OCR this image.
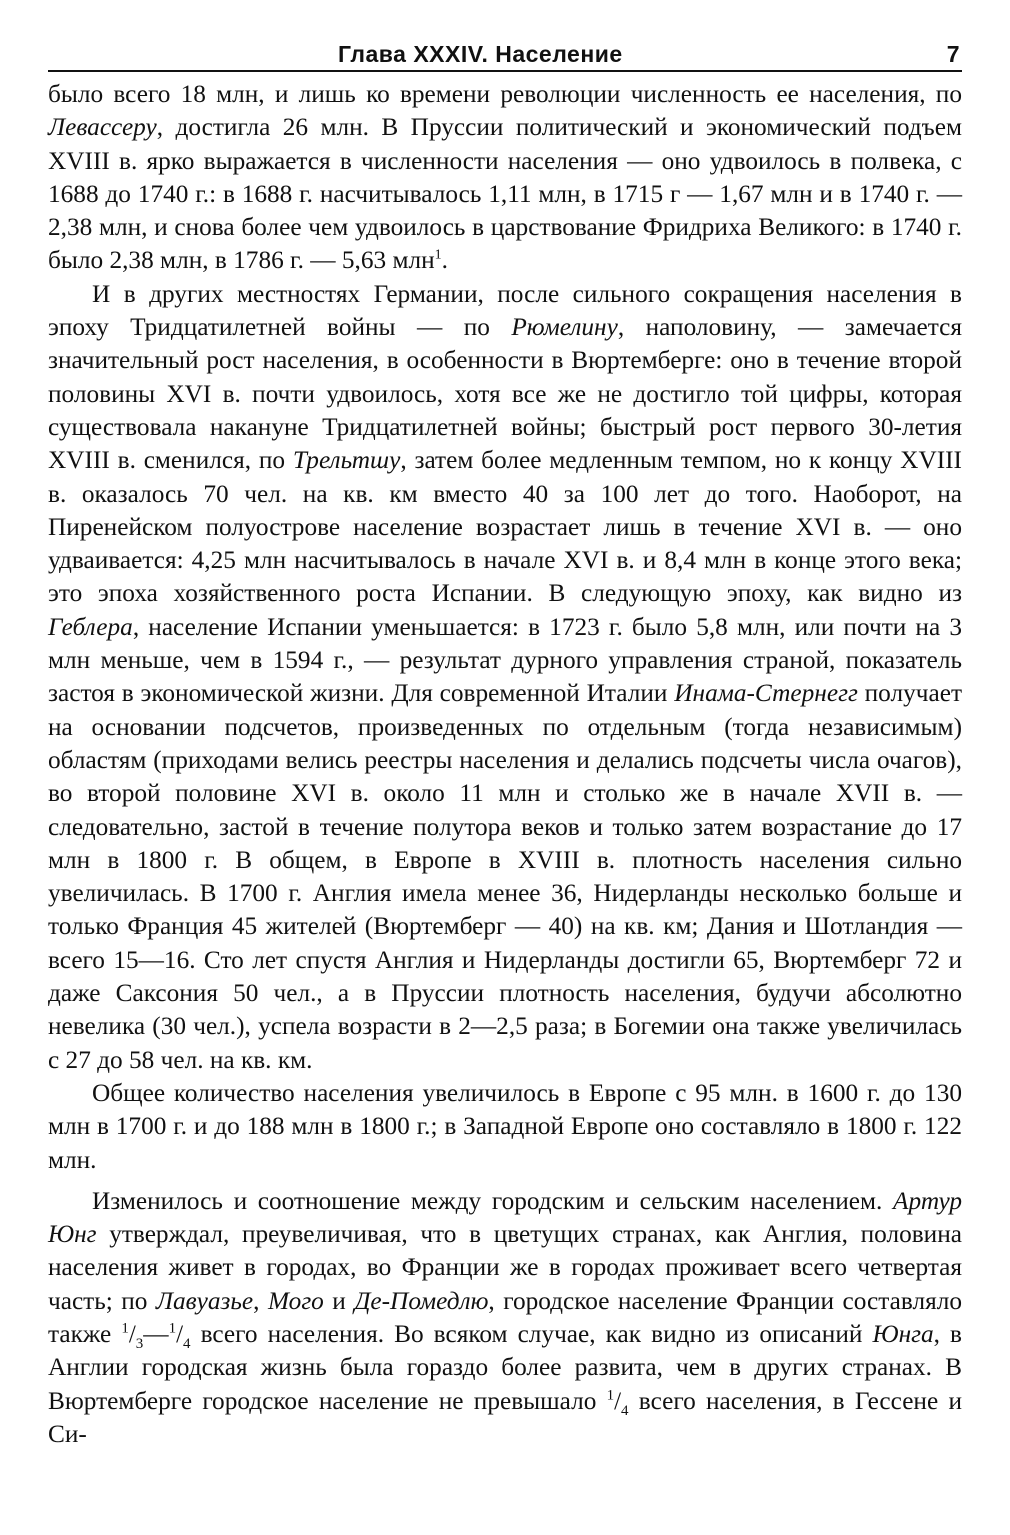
Глава XXXIV. Население	7

было всего 18 млн, и лишь ко времени революции численность ее населения, по Левассеру, достигла 26 млн. В Пруссии политический и экономический подъем XVIII в. ярко выражается в численности населения — оно удвоилось в полвека, с 1688 до 1740 г.: в 1688 г. насчитывалось 1,11 млн, в 1715 г — 1,67 млн и в 1740 г. — 2,38 млн, и снова более чем удвоилось в царствование Фридриха Великого: в 1740 г. было 2,38 млн, в 1786 г. — 5,63 млн$^1$.

И в других местностях Германии, после сильного сокращения населения в эпоху Тридцатилетней войны — по Рюмелину, наполовину, — замечается значительный рост населения, в особенности в Вюртемберге: оно в течение второй половины XVI в. почти удвоилось, хотя все же не достигло той цифры, которая существовала накануне Тридцатилетней войны; быстрый рост первого 30-летия XVIII в. сменился, по Трельтшу, затем более медленным темпом, но к концу XVIII в. оказалось 70 чел. на кв. км вместо 40 за 100 лет до того. Наоборот, на Пиренейском полуострове население возрастает лишь в течение XVI в. — оно удваивается: 4,25 млн насчитывалось в начале XVI в. и 8,4 млн в конце этого века; это эпоха хозяйственного роста Испании. В следующую эпоху, как видно из Геблера, население Испании уменьшается: в 1723 г. было 5,8 млн, или почти на 3 млн меньше, чем в 1594 г., — результат дурного управления страной, показатель застоя в экономической жизни. Для современной Италии Инама-Стернегг получает на основании подсчетов, произведенных по отдельным (тогда независимым) областям (приходами велись реестры населения и делались подсчеты числа очагов), во второй половине XVI в. около 11 млн и столько же в начале XVII в. — следовательно, застой в течение полутора веков и только затем возрастание до 17 млн в 1800 г. В общем, в Европе в XVIII в. плотность населения сильно увеличилась. В 1700 г. Англия имела менее 36, Нидерланды несколько больше и только Франция 45 жителей (Вюртемберг — 40) на кв. км; Дания и Шотландия — всего 15—16. Сто лет спустя Англия и Нидерланды достигли 65, Вюртемберг 72 и даже Саксония 50 чел., а в Пруссии плотность населения, будучи абсолютно невелика (30 чел.), успела возрасти в 2—2,5 раза; в Богемии она также увеличилась с 27 до 58 чел. на кв. км.

Общее количество населения увеличилось в Европе с 95 млн. в 1600 г. до 130 млн в 1700 г. и до 188 млн в 1800 г.; в Западной Европе оно составляло в 1800 г. 122 млн.

Изменилось и соотношение между городским и сельским населением. Артур Юнг утверждал, преувеличивая, что в цветущих странах, как Англия, половина населения живет в городах, во Франции же в городах проживает всего четвертая часть; по Лавуазье, Мого и Де-Помедлю, городское население Франции составляло также $^1/_3—^1/_4$ всего населения. Во всяком случае, как видно из описаний Юнга, в Англии городская жизнь была гораздо более развита, чем в других странах. В Вюртемберге городское население не превышало $^1/_4$ всего населения, в Гессене и Си-
